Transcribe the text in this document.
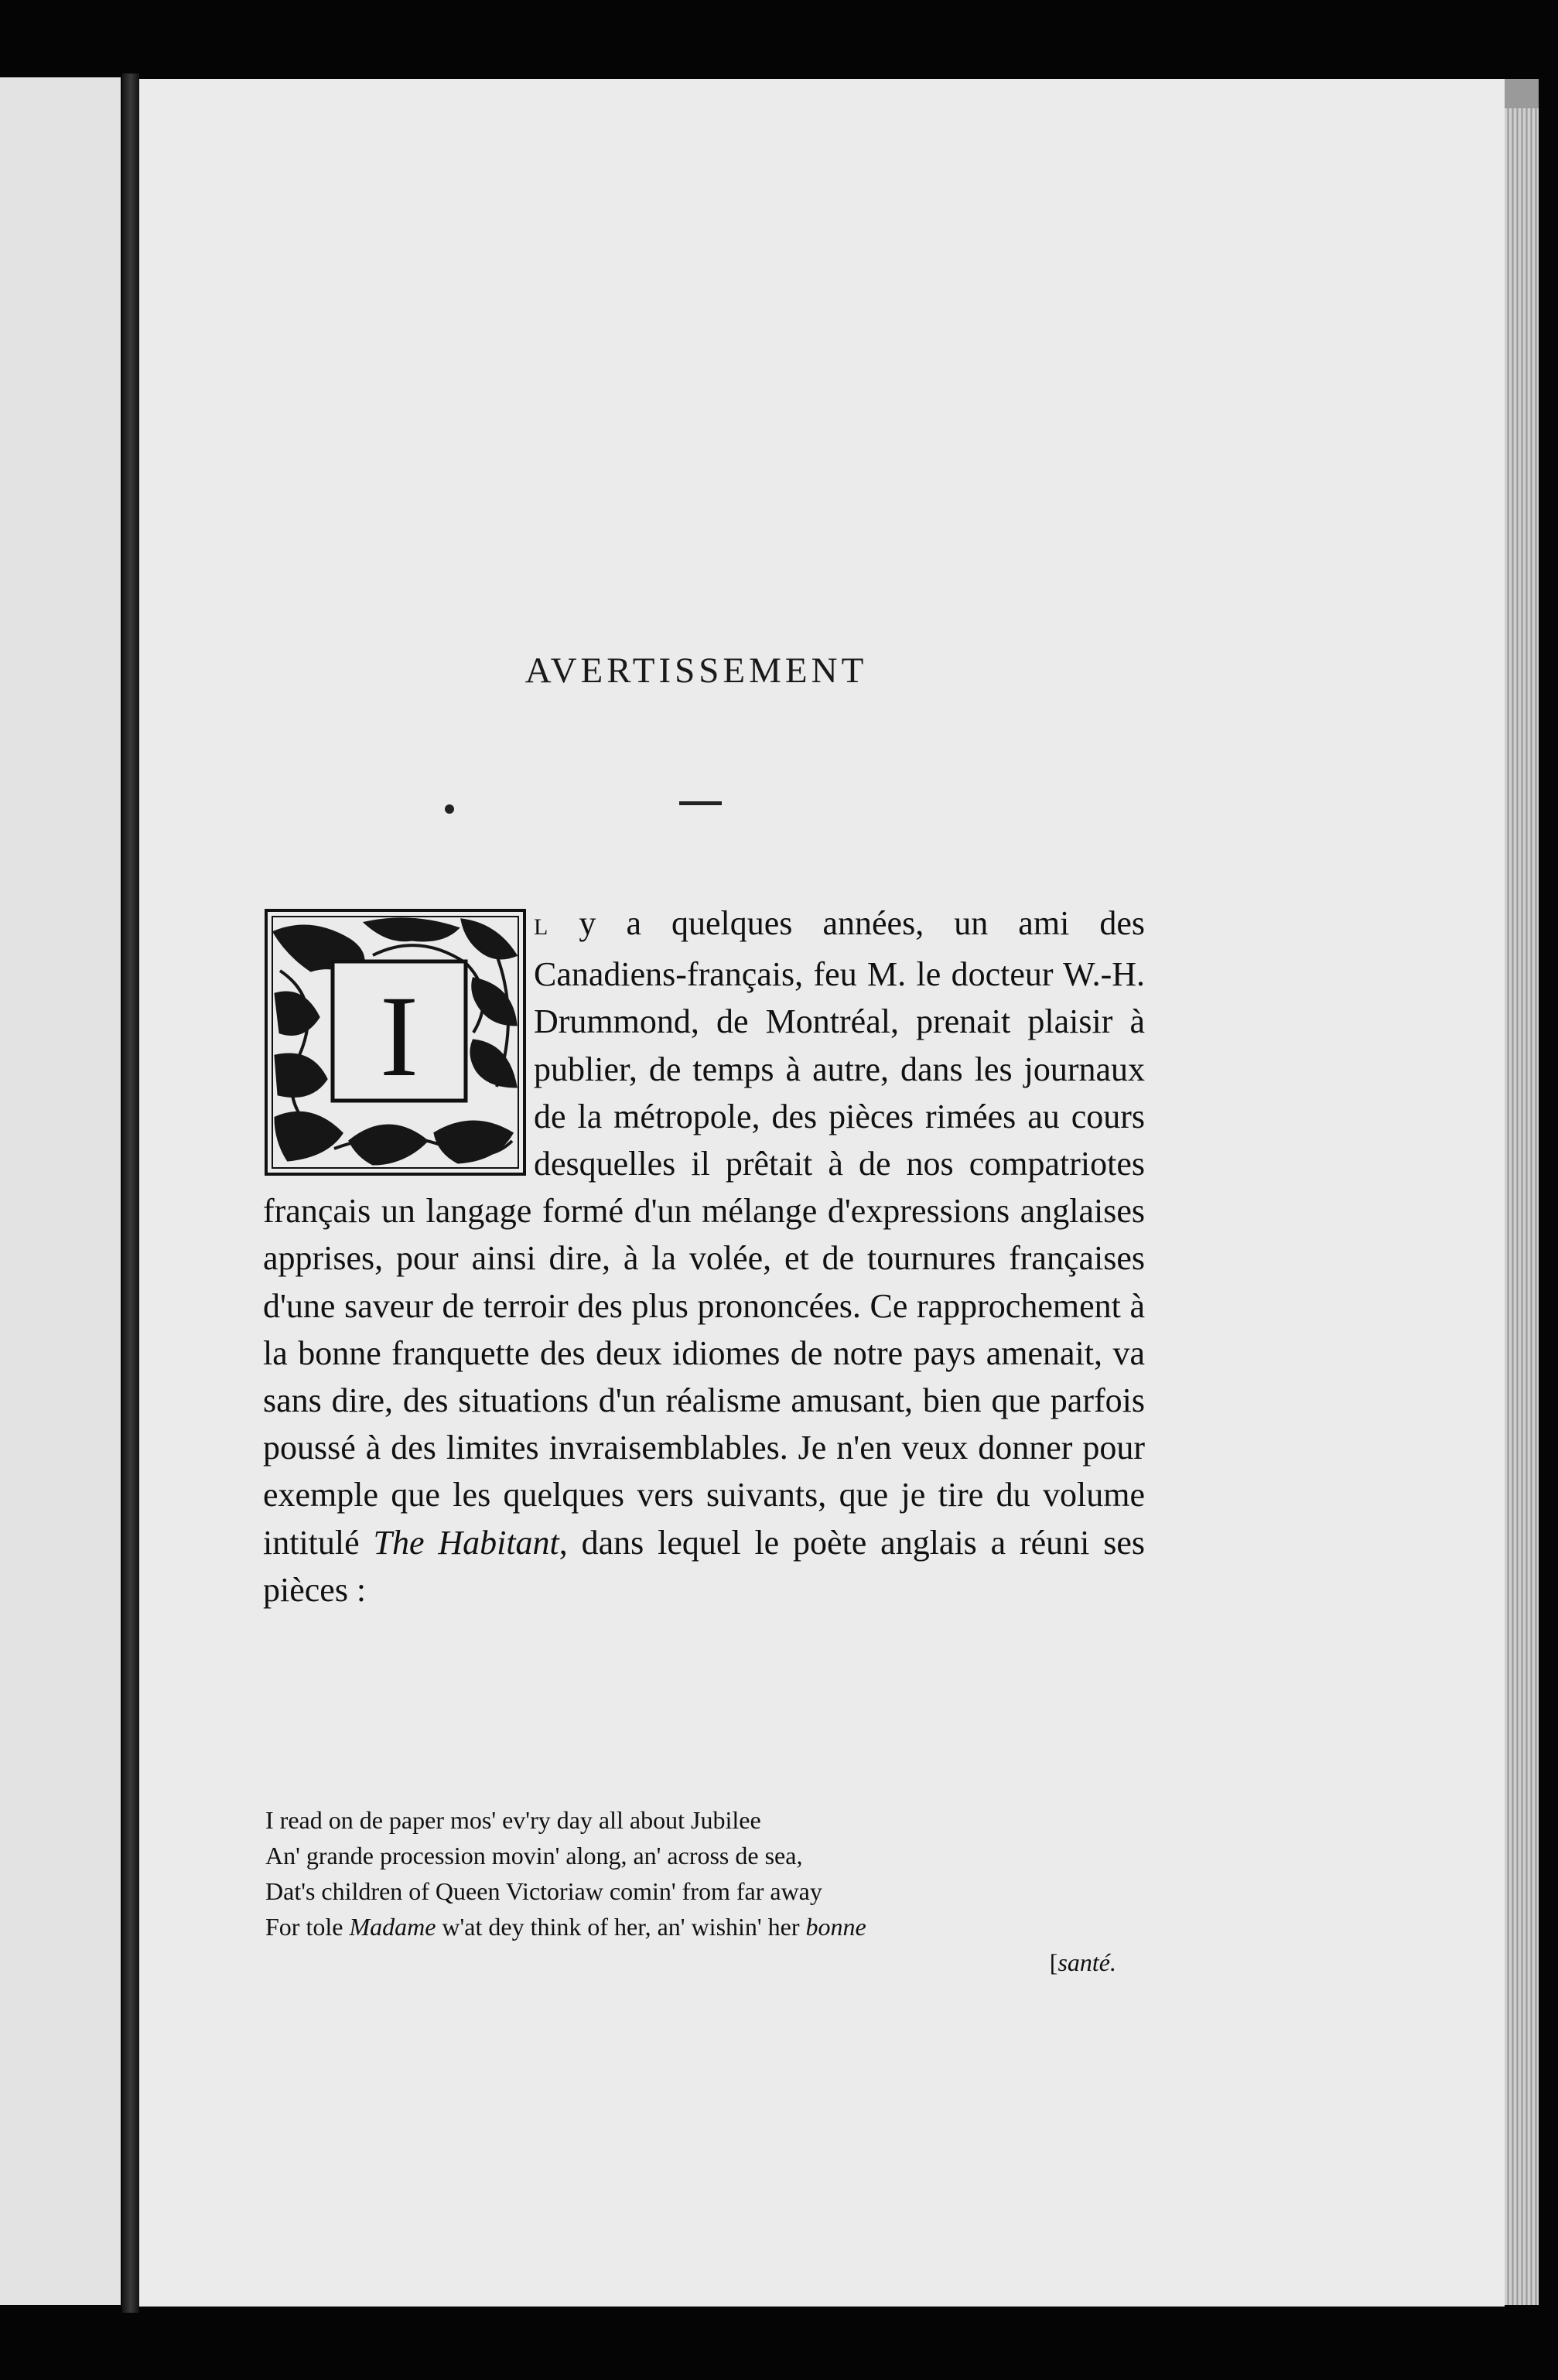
AVERTISSEMENT
I

L y a quelques années, un ami des Canadiens-français, feu M. le docteur W.-H. Drummond, de Montréal, prenait plaisir à publier, de temps à autre, dans les journaux de la métropole, des pièces rimées au cours desquelles il prêtait à de nos compatriotes français un langage formé d'un mélange d'expressions anglaises apprises, pour ainsi dire, à la volée, et de tournures françaises d'une saveur de terroir des plus prononcées. Ce rapprochement à la bonne franquette des deux idiomes de notre pays amenait, va sans dire, des situations d'un réalisme amusant, bien que parfois poussé à des limites invraisemblables. Je n'en veux donner pour exemple que les quelques vers suivants, que je tire du volume intitulé The Habitant, dans lequel le poète anglais a réuni ses pièces :

I read on de paper mos' ev'ry day all about Jubilee
An' grande procession movin' along, an' across de sea,
Dat's children of Queen Victoriaw comin' from far away
For tole Madame w'at dey think of her, an' wishin' her bonne
[santé.
